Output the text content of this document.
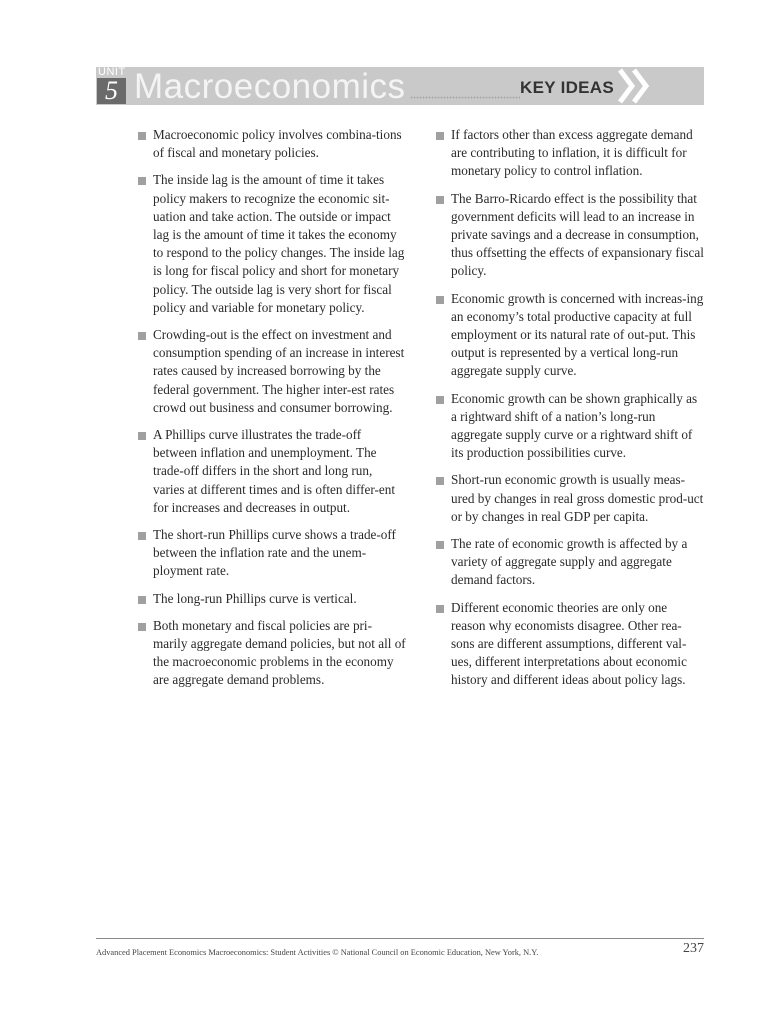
UNIT
5 Macroeconomics	KEY IDEAS
Macroeconomic policy involves combina-tions of fiscal and monetary policies.
The inside lag is the amount of time it takes policy makers to recognize the economic sit-uation and take action. The outside or impact lag is the amount of time it takes the economy to respond to the policy changes. The inside lag is long for fiscal policy and short for monetary policy. The outside lag is very short for fiscal policy and variable for monetary policy.
Crowding-out is the effect on investment and consumption spending of an increase in interest rates caused by increased borrowing by the federal government. The higher inter-est rates crowd out business and consumer borrowing.
A Phillips curve illustrates the trade-off between inflation and unemployment. The trade-off differs in the short and long run, varies at different times and is often differ-ent for increases and decreases in output.
The short-run Phillips curve shows a trade-off between the inflation rate and the unem-ployment rate.
The long-run Phillips curve is vertical.
Both monetary and fiscal policies are pri-marily aggregate demand policies, but not all of the macroeconomic problems in the economy are aggregate demand problems.
If factors other than excess aggregate demand are contributing to inflation, it is difficult for monetary policy to control inflation.
The Barro-Ricardo effect is the possibility that government deficits will lead to an increase in private savings and a decrease in consumption, thus offsetting the effects of expansionary fiscal policy.
Economic growth is concerned with increas-ing an economy’s total productive capacity at full employment or its natural rate of out-put. This output is represented by a vertical long-run aggregate supply curve.
Economic growth can be shown graphically as a rightward shift of a nation’s long-run aggregate supply curve or a rightward shift of its production possibilities curve.
Short-run economic growth is usually meas-ured by changes in real gross domestic prod-uct or by changes in real GDP per capita.
The rate of economic growth is affected by a variety of aggregate supply and aggregate demand factors.
Different economic theories are only one reason why economists disagree. Other rea-sons are different assumptions, different val-ues, different interpretations about economic history and different ideas about policy lags.
Advanced Placement Economics Macroeconomics: Student Activities © National Council on Economic Education, New York, N.Y.	237
